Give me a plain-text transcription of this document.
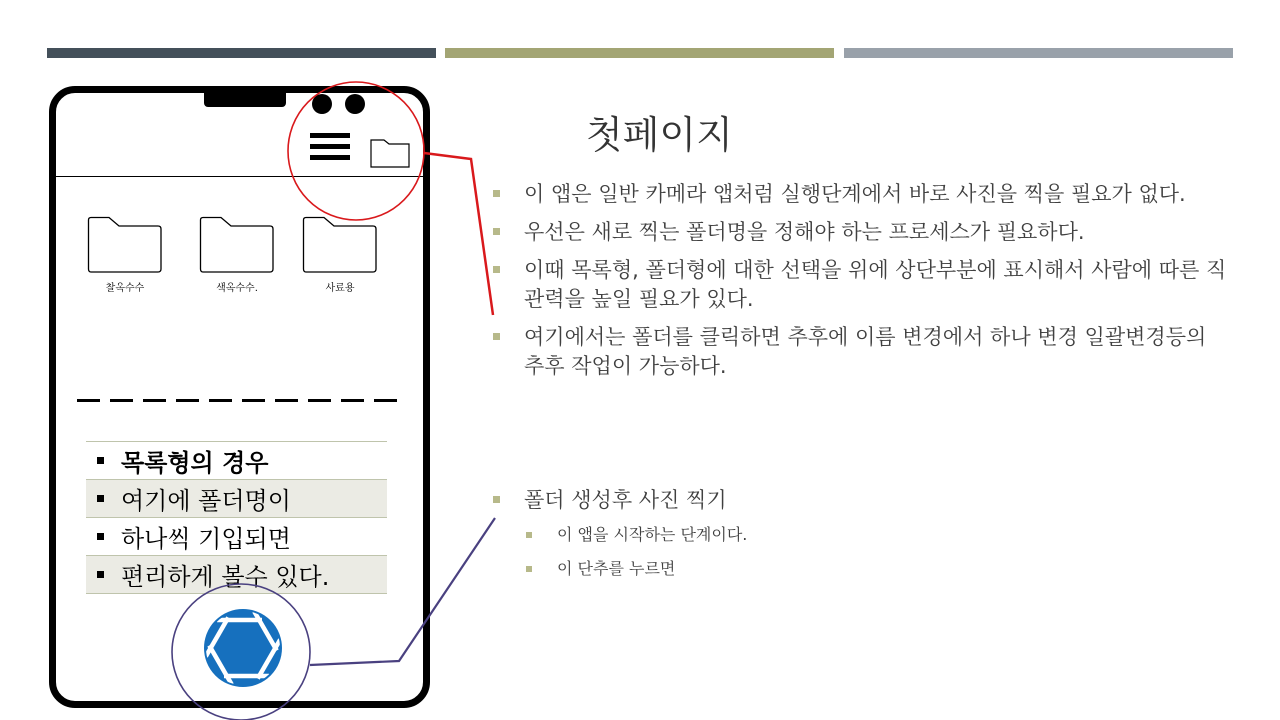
찰옥수수	색옥수수.	사료용
목록형의 경우
여기에 폴더명이
하나씩 기입되면
편리하게 볼수 있다.
첫페이지
이 앱은 일반 카메라 앱처럼 실행단계에서 바로 사진을 찍을 필요가 없다.
우선은 새로 찍는 폴더명을 정해야 하는 프로세스가 필요하다.
이때 목록형, 폴더형에 대한 선택을 위에 상단부분에 표시해서 사람에 따른 직관력을 높일 필요가 있다.
여기에서는 폴더를 클릭하면 추후에 이름 변경에서 하나 변경 일괄변경등의 추후 작업이 가능하다.
폴더 생성후 사진 찍기
이 앱을 시작하는 단계이다.
이 단추를 누르면
